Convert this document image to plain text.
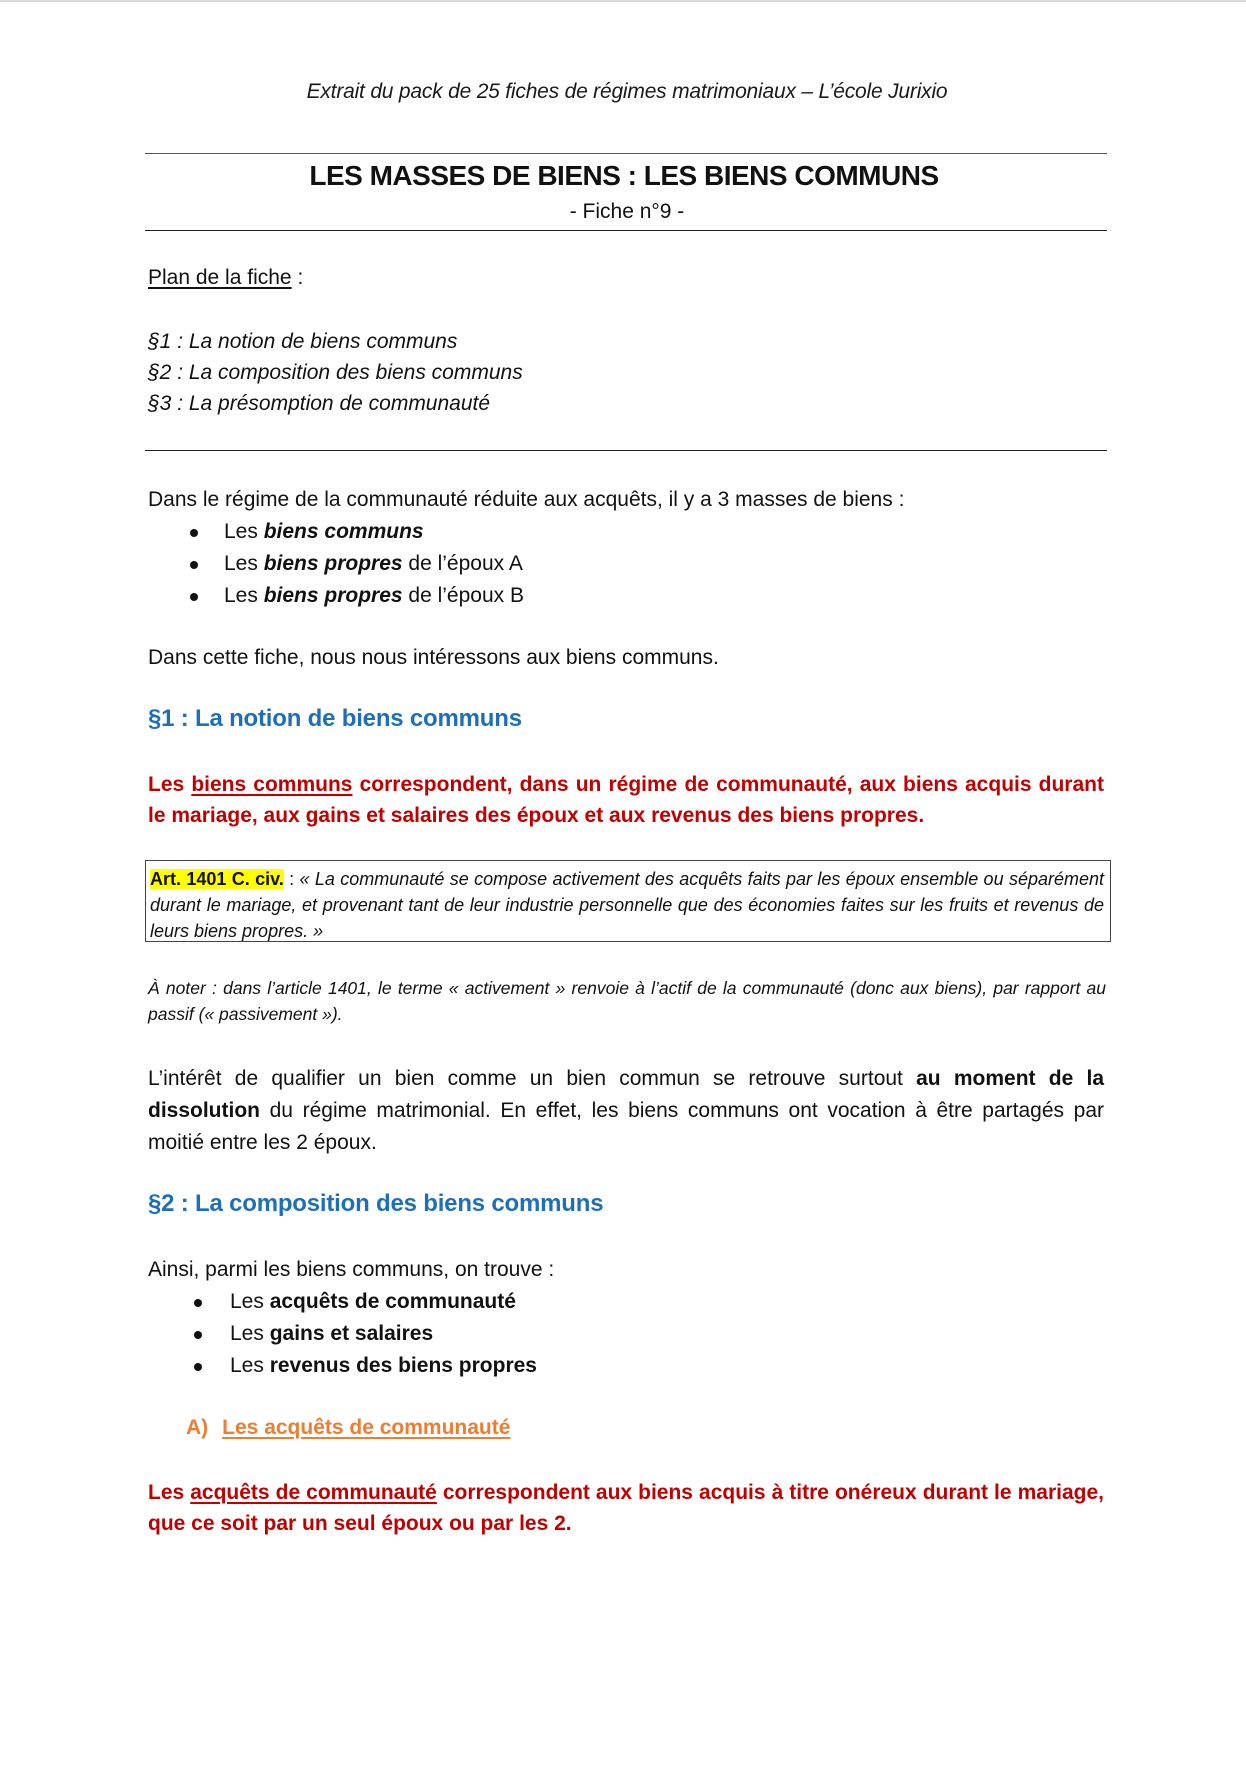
Extrait du pack de 25 fiches de régimes matrimoniaux – L’école Jurixio
LES MASSES DE BIENS : LES BIENS COMMUNS
- Fiche n°9 -
Plan de la fiche :
§1 : La notion de biens communs
§2 : La composition des biens communs
§3 : La présomption de communauté
Dans le régime de la communauté réduite aux acquêts, il y a 3 masses de biens :
Les biens communs
Les biens propres de l’époux A
Les biens propres de l’époux B
Dans cette fiche, nous nous intéressons aux biens communs.
§1 : La notion de biens communs
Les biens communs correspondent, dans un régime de communauté, aux biens acquis durant le mariage, aux gains et salaires des époux et aux revenus des biens propres.
Art. 1401 C. civ. : « La communauté se compose activement des acquêts faits par les époux ensemble ou séparément durant le mariage, et provenant tant de leur industrie personnelle que des économies faites sur les fruits et revenus de leurs biens propres. »
À noter : dans l’article 1401, le terme « activement » renvoie à l’actif de la communauté (donc aux biens), par rapport au passif (« passivement »).
L’intérêt de qualifier un bien comme un bien commun se retrouve surtout au moment de la dissolution du régime matrimonial. En effet, les biens communs ont vocation à être partagés par moitié entre les 2 époux.
§2 : La composition des biens communs
Ainsi, parmi les biens communs, on trouve :
Les acquêts de communauté
Les gains et salaires
Les revenus des biens propres
A) Les acquêts de communauté
Les acquêts de communauté correspondent aux biens acquis à titre onéreux durant le mariage, que ce soit par un seul époux ou par les 2.
